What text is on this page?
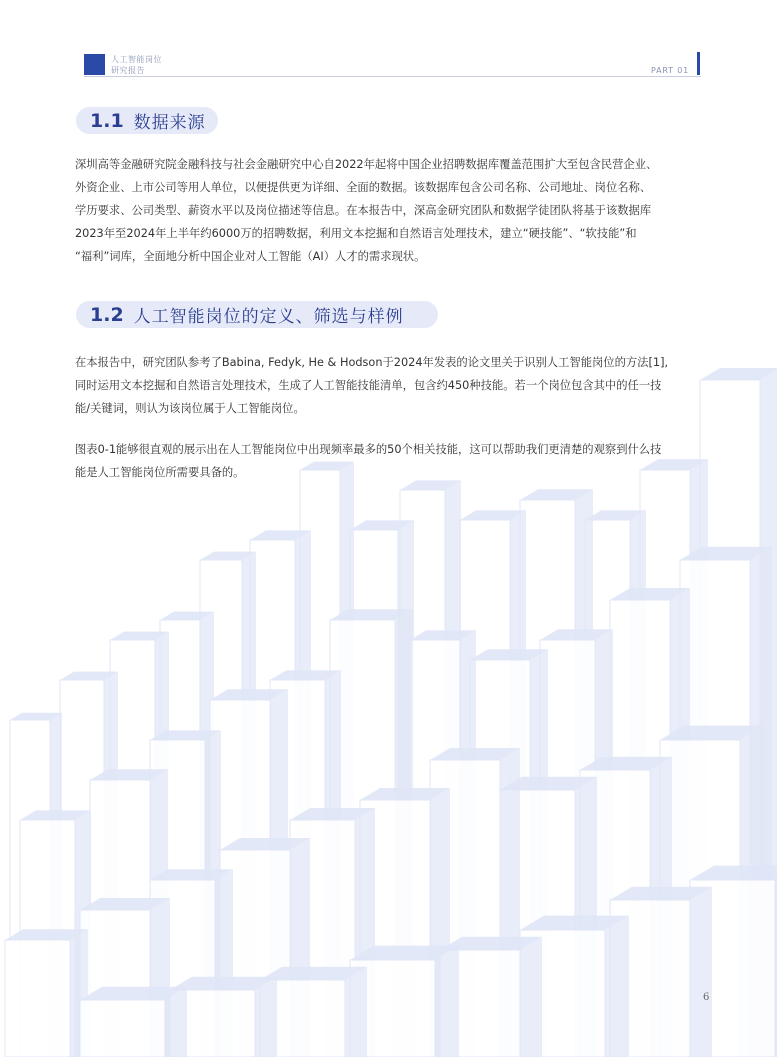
人工智能岗位
研究报告	PART 01
1.1 数据来源
深圳高等金融研究院金融科技与社会金融研究中心自2022年起将中国企业招聘数据库覆盖范围扩大至包含民营企业、
外资企业、上市公司等用人单位，以便提供更为详细、全面的数据。该数据库包含公司名称、公司地址、岗位名称、
学历要求、公司类型、薪资水平以及岗位描述等信息。在本报告中，深高金研究团队和数据学徒团队将基于该数据库
2023年至2024年上半年约6000万的招聘数据，利用文本挖掘和自然语言处理技术，建立“硬技能”、“软技能”和
“福利”词库，全面地分析中国企业对人工智能（AI）人才的需求现状。
1.2 人工智能岗位的定义、筛选与样例
在本报告中，研究团队参考了Babina, Fedyk, He & Hodson于2024年发表的论文里关于识别人工智能岗位的方法[1],
同时运用文本挖掘和自然语言处理技术，生成了人工智能技能清单，包含约450种技能。若一个岗位包含其中的任一技
能/关键词，则认为该岗位属于人工智能岗位。
图表0-1能够很直观的展示出在人工智能岗位中出现频率最多的50个相关技能，这可以帮助我们更清楚的观察到什么技
能是人工智能岗位所需要具备的。
6
